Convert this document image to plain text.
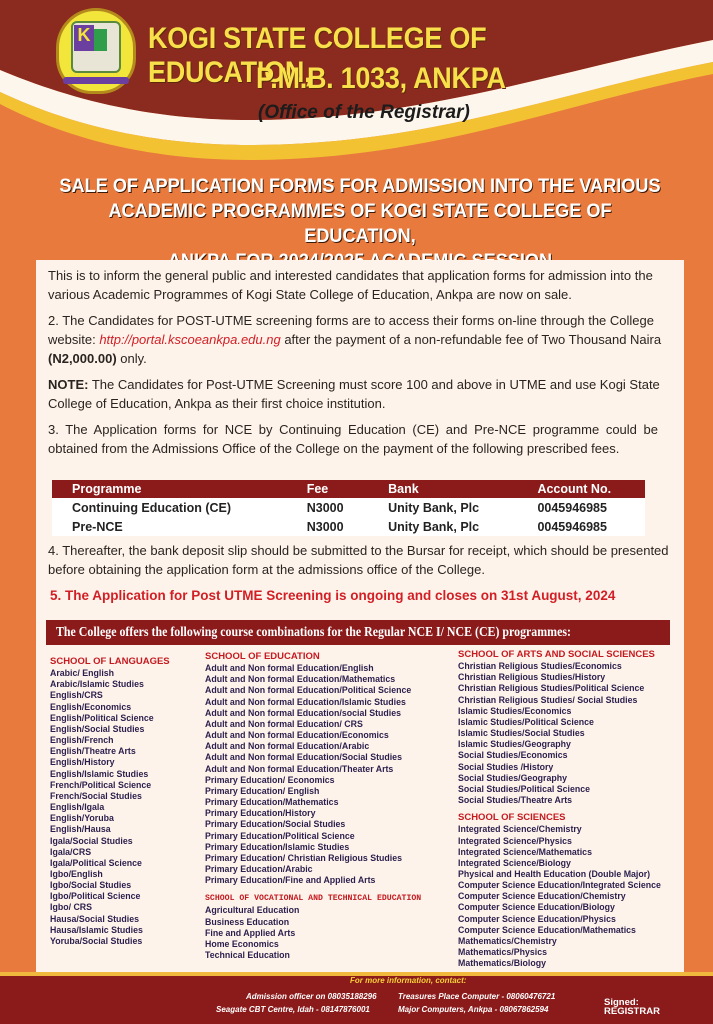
K KOGI STATE COLLEGE OF EDUCATION,
P.M.B. 1033, ANKPA
(Office of the Registrar)
SALE OF APPLICATION FORMS FOR ADMISSION INTO THE VARIOUS
ACADEMIC PROGRAMMES OF KOGI STATE COLLEGE OF EDUCATION,
This is to inform the general public and interested candidates that application forms for admission into the various Academic Programmes of Kogi State College of Education, Ankpa are now on sale.
2. The Candidates for POST-UTME screening forms are to access their forms on-line through the College website: http://portal.kscoeankpa.edu.ng after the payment of a non-refundable fee of Two Thousand Naira (N2,000.00) only.
NOTE: The Candidates for Post-UTME Screening must score 100 and above in UTME and use Kogi State College of Education, Ankpa as their first choice institution.
3. The Application forms for NCE by Continuing Education (CE) and Pre-NCE programme could be obtained from the Admissions Office of the College on the payment of the following prescribed fees.
Programme	Fee	Bank	Account No.
Continuing Education (CE)	N3000	Unity Bank, Plc	0045946985
Pre-NCE	N3000	Unity Bank, Plc	0045946985
4. Thereafter, the bank deposit slip should be submitted to the Bursar for receipt, which should be presented before obtaining the application form at the admissions office of the College.
5. The Application for Post UTME Screening is ongoing and closes on 31st August, 2024
The College offers the following course combinations for the Regular NCE I/ NCE (CE) programmes:
SCHOOL OF LANGUAGES
Arabic/ English
Arabic/Islamic Studies
English/CRS
English/Economics
English/Political Science
English/Social Studies
English/French
English/Theatre Arts
English/History
English/Islamic Studies
French/Political Science
French/Social Studies
English/Igala
English/Yoruba
English/Hausa
Igala/Social Studies
Igala/CRS
Igala/Political Science
Igbo/English
Igbo/Social Studies
Igbo/Political Science
Igbo/ CRS
Hausa/Social Studies
Hausa/Islamic Studies
Yoruba/Social Studies
SCHOOL OF EDUCATION
Adult and Non formal Education/English
Adult and Non formal Education/Mathematics
Adult and Non formal Education/Political Science
Adult and Non formal Education/Islamic Studies
Adult and Non formal Education/social Studies
Adult and Non formal Education/ CRS
Adult and Non formal Education/Economics
Adult and Non formal Education/Arabic
Adult and Non formal Education/Social Studies
Adult and Non formal Education/Theater Arts
Primary Education/ Economics
Primary Education/ English
Primary Education/Mathematics
Primary Education/History
Primary Education/Social Studies
Primary Education/Political Science
Primary Education/Islamic Studies
Primary Education/ Christian Religious Studies
Primary Education/Arabic
Primary Education/Fine and Applied Arts
SCHOOL OF VOCATIONAL AND TECHNICAL EDUCATION
Agricultural Education
Business Education
Fine and Applied Arts
Home Economics
Technical Education
SCHOOL OF ARTS AND SOCIAL SCIENCES
Christian Religious Studies/Economics
Christian Religious Studies/History
Christian Religious Studies/Political Science
Christian Religious Studies/ Social Studies
Islamic Studies/Economics
Islamic Studies/Political Science
Islamic Studies/Social Studies
Islamic Studies/Geography
Social Studies/Economics
Social Studies /History
Social Studies/Geography
Social Studies/Political Science
Social Studies/Theatre Arts
SCHOOL OF SCIENCES
Integrated Science/Chemistry
Integrated Science/Physics
Integrated Science/Mathematics
Integrated Science/Biology
Physical and Health Education (Double Major)
Computer Science Education/Integrated Science
Computer Science Education/Chemistry
Computer Science Education/Biology
Computer Science Education/Physics
Computer Science Education/Mathematics
Mathematics/Chemistry
Mathematics/Physics
Mathematics/Biology
For more information, contact:
Admission officer on 08035188296
Seagate CBT Centre, Idah - 08147876001
Treasures Place Computer - 08060476721
Major Computers, Ankpa - 08067862594
Signed:
REGISTRAR
